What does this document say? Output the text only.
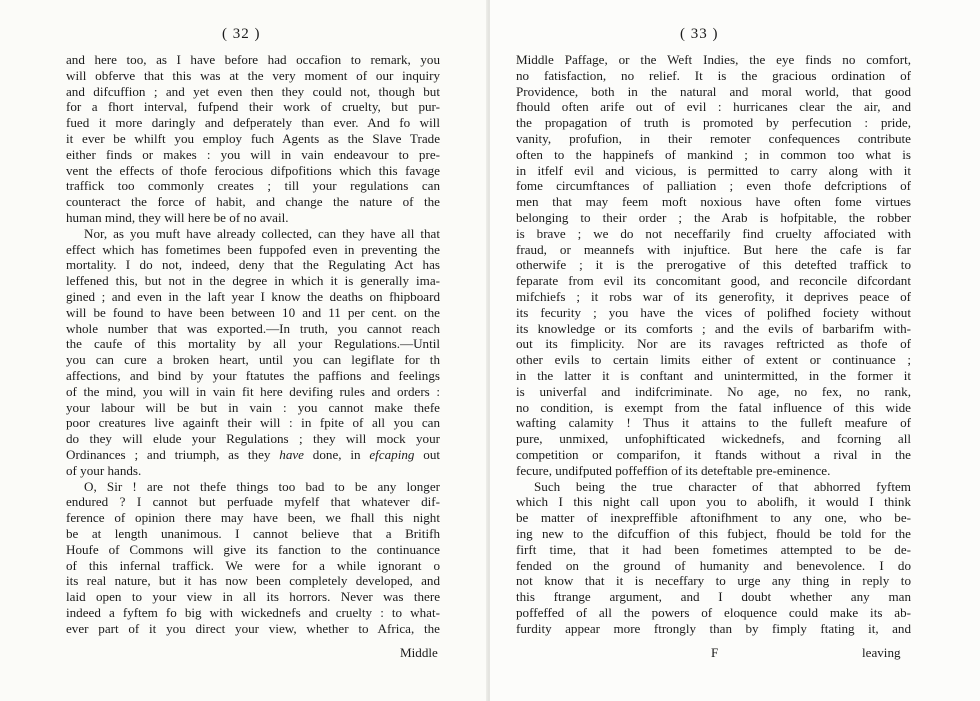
( 32 )
and here too, as I have before had occafion to remark, you
will obferve that this was at the very moment of our inquiry
and difcuffion ; and yet even then they could not, though but
for a fhort interval, fufpend their work of cruelty, but pur-
fued it more daringly and defperately than ever. And fo will
it ever be whilft you employ fuch Agents as the Slave Trade
either finds or makes : you will in vain endeavour to pre-
vent the effects of thofe ferocious difpofitions which this favage
traffick too commonly creates ; till your regulations can
counteract the force of habit, and change the nature of the
human mind, they will here be of no avail.
Nor, as you muft have already collected, can they have all that
effect which has fometimes been fuppofed even in preventing the
mortality. I do not, indeed, deny that the Regulating Act has
leffened this, but not in the degree in which it is generally ima-
gined ; and even in the laft year I know the deaths on fhipboard
will be found to have been between 10 and 11 per cent. on the
whole number that was exported.—In truth, you cannot reach
the caufe of this mortality by all your Regulations.—Until
you can cure a broken heart, until you can legiflate for th
affections, and bind by your ftatutes the paffions and feelings
of the mind, you will in vain fit here devifing rules and orders :
your labour will be but in vain : you cannot make thefe
poor creatures live againft their will : in fpite of all you can
do they will elude your Regulations ; they will mock your
Ordinances ; and triumph, as they have done, in efcaping out
of your hands.
O, Sir ! are not thefe things too bad to be any longer
endured ? I cannot but perfuade myfelf that whatever dif-
ference of opinion there may have been, we fhall this night
be at length unanimous. I cannot believe that a Britifh
Houfe of Commons will give its fanction to the continuance
of this infernal traffick. We were for a while ignorant o
its real nature, but it has now been completely developed, and
laid open to your view in all its horrors. Never was there
indeed a fyftem fo big with wickednefs and cruelty : to what-
ever part of it you direct your view, whether to Africa, the
Middle
( 33 )
Middle Paffage, or the Weft Indies, the eye finds no comfort,
no fatisfaction, no relief. It is the gracious ordination of
Providence, both in the natural and moral world, that good
fhould often arife out of evil : hurricanes clear the air, and
the propagation of truth is promoted by perfecution : pride,
vanity, profufion, in their remoter confequences contribute
often to the happinefs of mankind ; in common too what is
in itfelf evil and vicious, is permitted to carry along with it
fome circumftances of palliation ; even thofe defcriptions of
men that may feem moft noxious have often fome virtues
belonging to their order ; the Arab is hofpitable, the robber
is brave ; we do not neceffarily find cruelty affociated with
fraud, or meannefs with injuftice. But here the cafe is far
otherwife ; it is the prerogative of this detefted traffick to
feparate from evil its concomitant good, and reconcile difcordant
mifchiefs ; it robs war of its generofity, it deprives peace of
its fecurity ; you have the vices of polifhed fociety without
its knowledge or its comforts ; and the evils of barbarifm with-
out its fimplicity. Nor are its ravages reftricted as thofe of
other evils to certain limits either of extent or continuance ;
in the latter it is conftant and unintermitted, in the former it
is univerfal and indifcriminate. No age, no fex, no rank,
no condition, is exempt from the fatal influence of this wide
wafting calamity ! Thus it attains to the fulleft meafure of
pure, unmixed, unfophifticated wickednefs, and fcorning all
competition or comparifon, it ftands without a rival in the
fecure, undifputed poffeffion of its deteftable pre-eminence.
Such being the true character of that abhorred fyftem
which I this night call upon you to abolifh, it would I think
be matter of inexpreffible aftonifhment to any one, who be-
ing new to the difcuffion of this fubject, fhould be told for the
firft time, that it had been fometimes attempted to be de-
fended on the ground of humanity and benevolence. I do
not know that it is neceffary to urge any thing in reply to
this ftrange argument, and I doubt whether any man
poffeffed of all the powers of eloquence could make its ab-
furdity appear more ftrongly than by fimply ftating it, and
F	leaving
